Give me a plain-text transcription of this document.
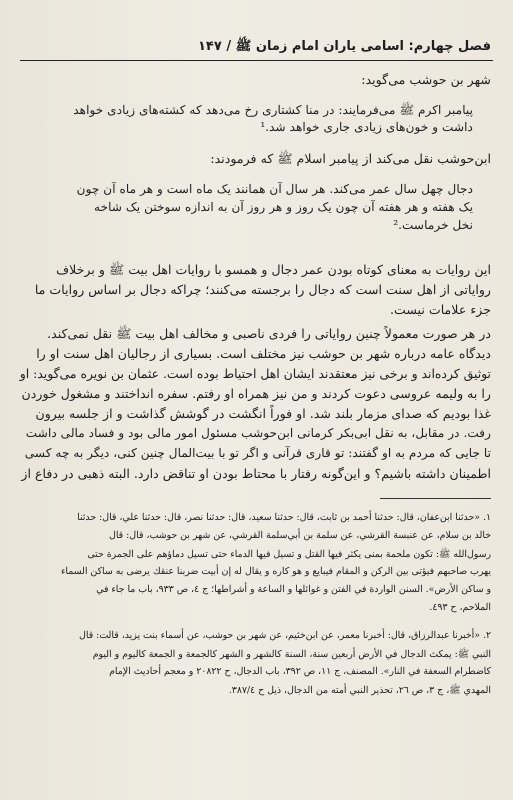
فصل چهارم: اسامی یاران امام زمان ﷺ / ۱۴۷
شهر بن حوشب می‌گوید:
پیامبر اکرم ﷺ می‌فرمایند: در منا کشتاری رخ می‌دهد که کشته‌های زیادی خواهد
داشت و خون‌های زیادی جاری خواهد شد.¹
ابن‌حوشب نقل می‌کند از پیامبر اسلام ﷺ که فرمودند:
دجال چهل سال عمر می‌کند. هر سال آن همانند یک ماه است و هر ماه آن چون
یک هفته و هر هفته آن چون یک روز و هر روز آن به اندازه سوختن یک شاخه
نخل خرماست.²
این روایات به معنای کوتاه بودن عمر دجال و همسو با روایات اهل بیت ﷺ و برخلاف
روایاتی از اهل سنت است که دجال را برجسته می‌کنند؛ چراکه دجال بر اساس روایات ما
جزء علامات نیست.
در هر صورت معمولاً چنین روایاتی را فردی ناصبی و مخالف اهل بیت ﷺ نقل نمی‌کند.
دیدگاه عامه درباره شهر بن حوشب نیز مختلف است. بسیاری از رجالیان اهل سنت او را
توثیق کرده‌اند و برخی نیز معتقدند ایشان اهل احتیاط بوده است. عثمان بن نویره می‌گوید: او
را به ولیمه عروسی دعوت کردند و من نیز همراه او رفتم. سفره انداختند و مشغول خوردن
غذا بودیم که صدای مزمار بلند شد. او فوراً انگشت در گوشش گذاشت و از جلسه بیرون
رفت. در مقابل، به نقل ابی‌بکر کرمانی ابن‌حوشب مسئول امور مالی بود و فساد مالی داشت
تا جایی که مردم به او گفتند: تو قاری قرآنی و اگر تو با بیت‌المال چنین کنی، دیگر به چه کسی
اطمینان داشته باشیم؟ و این‌گونه رفتار با محتاط بودن او تناقض دارد. البته ذهبی در دفاع از
١. «حدثنا ابن‌عفان، قال: حدثنا أحمد بن ثابت، قال: حدثنا سعيد، قال: حدثنا نصر، قال: حدثنا علي، قال: حدثنا
خالد بن سلام، عن عنبسة القرشي، عن سلمة بن أبي‌سلمة القرشي، عن شهر بن حوشب، قال: قال
رسول‌الله ﷺ: تكون ملحمة بمنى يكثر فيها القتل و تسيل فيها الدماء حتى تسيل دماؤهم على الجمرة حتى
يهرب صاحبهم فيؤتى بين الركن و المقام فيبايع و هو كاره و يقال له إن أبيت ضربنا عنقك يرضى به ساكن السماء
و ساكن الأرض». السنن الواردة في الفتن و غوائلها و الساعة و أشراطها؛ ج ٤، ص ٩٣٣، باب ما جاء في
الملاحم، ح ٤٩٣.
٢. «أخبرنا عبدالرزاق، قال: أخبرنا معمر، عن ابن‌خثيم، عن شهر بن حوشب، عن أسماء بنت يزيد، قالت: قال
النبي ﷺ: يمكث الدجال في الأرض أربعين سنة، السنة كالشهر و الشهر كالجمعة و الجمعة كاليوم و اليوم
كاضطرام السعفة في النار». المصنف، ج ١١، ص ٣٩٢، باب الدجال، ح ٢٠٨٢٢ و معجم أحاديث الإمام
المهدي ﷺ، ج ٣، ص ٢٦، تحذير النبي أمته من الدجال، ذيل ح ٣٨٧/٤.
